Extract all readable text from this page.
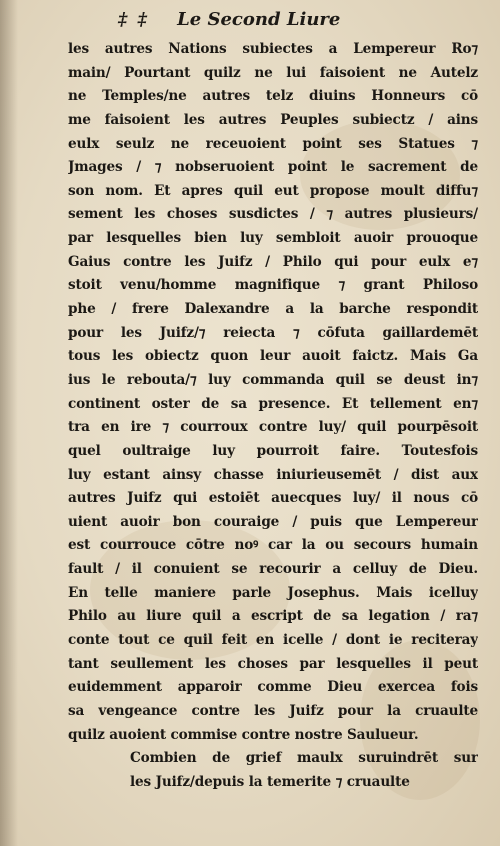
‡ ‡ Le Second Liure
les autres Nations subiectes a Lempereur Ro⁊
main/ Pourtant quilz ne lui faisoient ne Autelz
ne Temples/ne autres telz diuins Honneurs cō
me faisoient les autres Peuples subiectz / ains
eulx seulz ne receuoient point ses Statues ⁊
Jmages / ⁊ nobseruoient point le sacrement de
son nom. Et apres quil eut propose moult diffu⁊
sement les choses susdictes / ⁊ autres plusieurs/
par lesquelles bien luy sembloit auoir prouoque
Gaius contre les Juifz / Philo qui pour eulx e⁊
stoit venu/homme magnifique ⁊ grant Philoso
phe / frere Dalexandre a la barche respondit
pour les Juifz/⁊ reiecta ⁊ cōfuta gaillardemēt
tous les obiectz quon leur auoit faictz. Mais Ga
ius le rebouta/⁊ luy commanda quil se deust in⁊
continent oster de sa presence. Et tellement en⁊
tra en ire ⁊ courroux contre luy/ quil pourpēsoit
quel oultraige luy pourroit faire. Toutesfois
luy estant ainsy chasse iniurieusemēt / dist aux
autres Juifz qui estoiēt auecques luy/ il nous cō
uient auoir bon couraige / puis que Lempereur
est courrouce cōtre noꝰ car la ou secours humain
fault / il conuient se recourir a celluy de Dieu.
En telle maniere parle Josephus. Mais icelluy
Philo au liure quil a escript de sa legation / ra⁊
conte tout ce quil feit en icelle / dont ie reciteray
tant seullement les choses par lesquelles il peut
euidemment apparoir comme Dieu exercea fois
sa vengeance contre les Juifz pour la cruaulte
quilz auoient commise contre nostre Saulueur.
Combien de grief maulx suruindrēt sur
les Juifz/depuis la temerite ⁊ cruaulte
